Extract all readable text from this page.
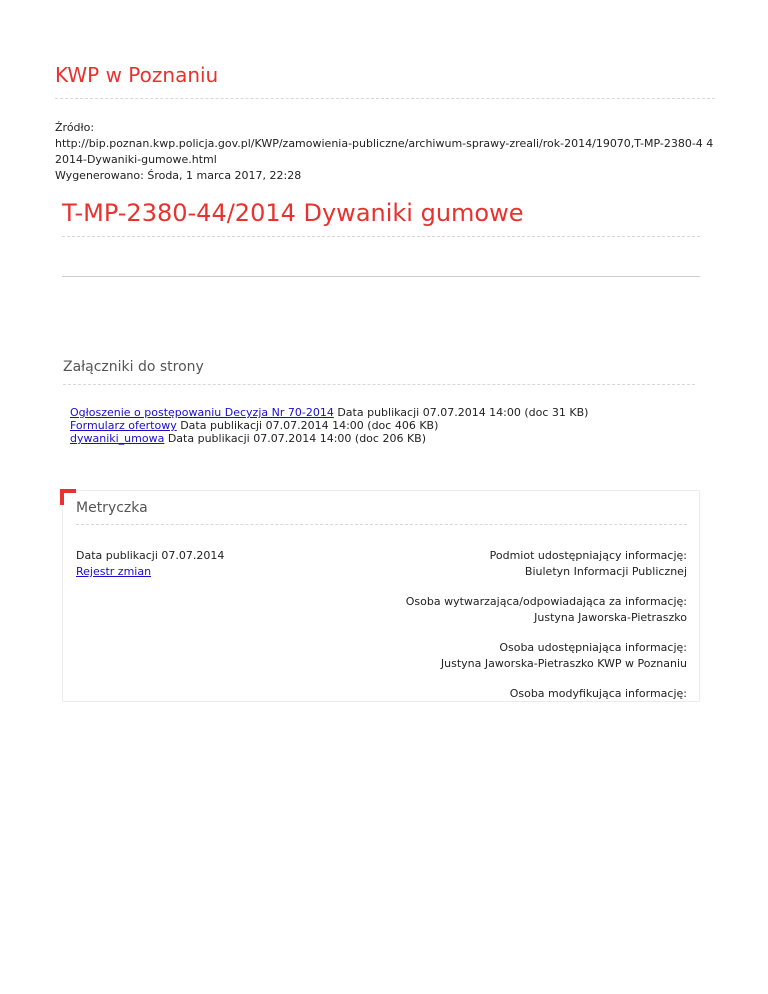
KWP w Poznaniu
Źródło:
http://bip.poznan.kwp.policja.gov.pl/KWP/zamowienia-publiczne/archiwum-sprawy-zreali/rok-2014/19070,T-MP-2380-4 42014-Dywaniki-gumowe.html
Wygenerowano: Środa, 1 marca 2017, 22:28
T-MP-2380-44/2014 Dywaniki gumowe
Załączniki do strony
Ogłoszenie o postępowaniu Decyzja Nr 70-2014 Data publikacji 07.07.2014 14:00 (doc 31 KB)
Formularz ofertowy Data publikacji 07.07.2014 14:00 (doc 406 KB)
dywaniki_umowa Data publikacji 07.07.2014 14:00 (doc 206 KB)
Metryczka
Data publikacji 07.07.2014
Rejestr zmian
Podmiot udostępniający informację:
Biuletyn Informacji Publicznej
Osoba wytwarzająca/odpowiadająca za informację:
Justyna Jaworska-Pietraszko
Osoba udostępniająca informację:
Justyna Jaworska-Pietraszko KWP w Poznaniu
Osoba modyfikująca informację:
